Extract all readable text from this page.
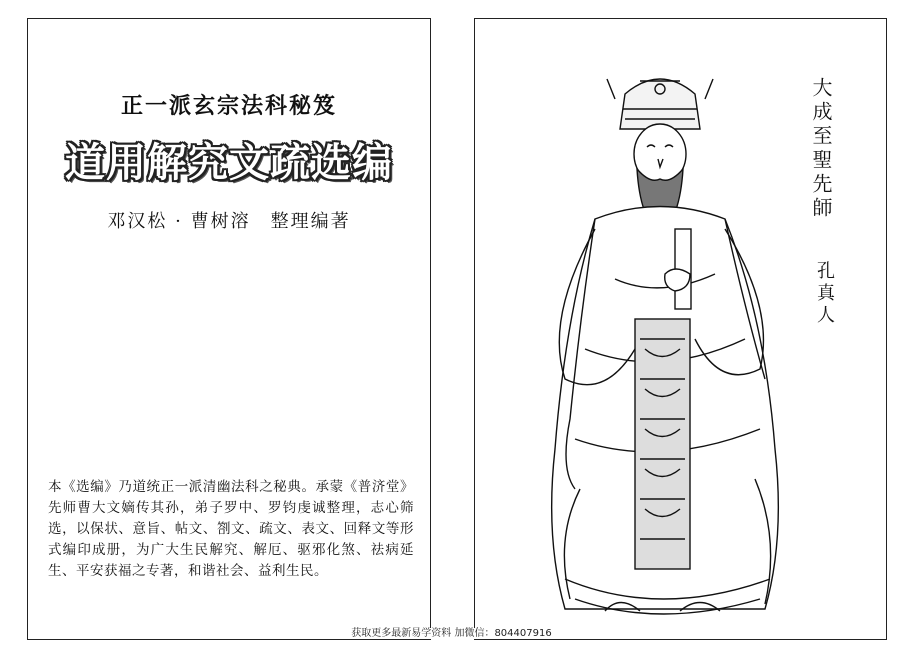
正一派玄宗法科秘笈
道用解究文疏选编
邓汉松 · 曹树溶　整理编著
本《选编》乃道统正一派清幽法科之秘典。承蒙《普济堂》先师曹大文嫡传其孙，弟子罗中、罗钧虔诚整理，志心筛选，以保状、意旨、帖文、劄文、疏文、表文、回释文等形式编印成册，为广大生民解究、解厄、驱邪化煞、祛病延生、平安获福之专著，和谐社会、益利生民。
大成至聖先師
孔真人
获取更多最新易学资料 加微信：804407916
